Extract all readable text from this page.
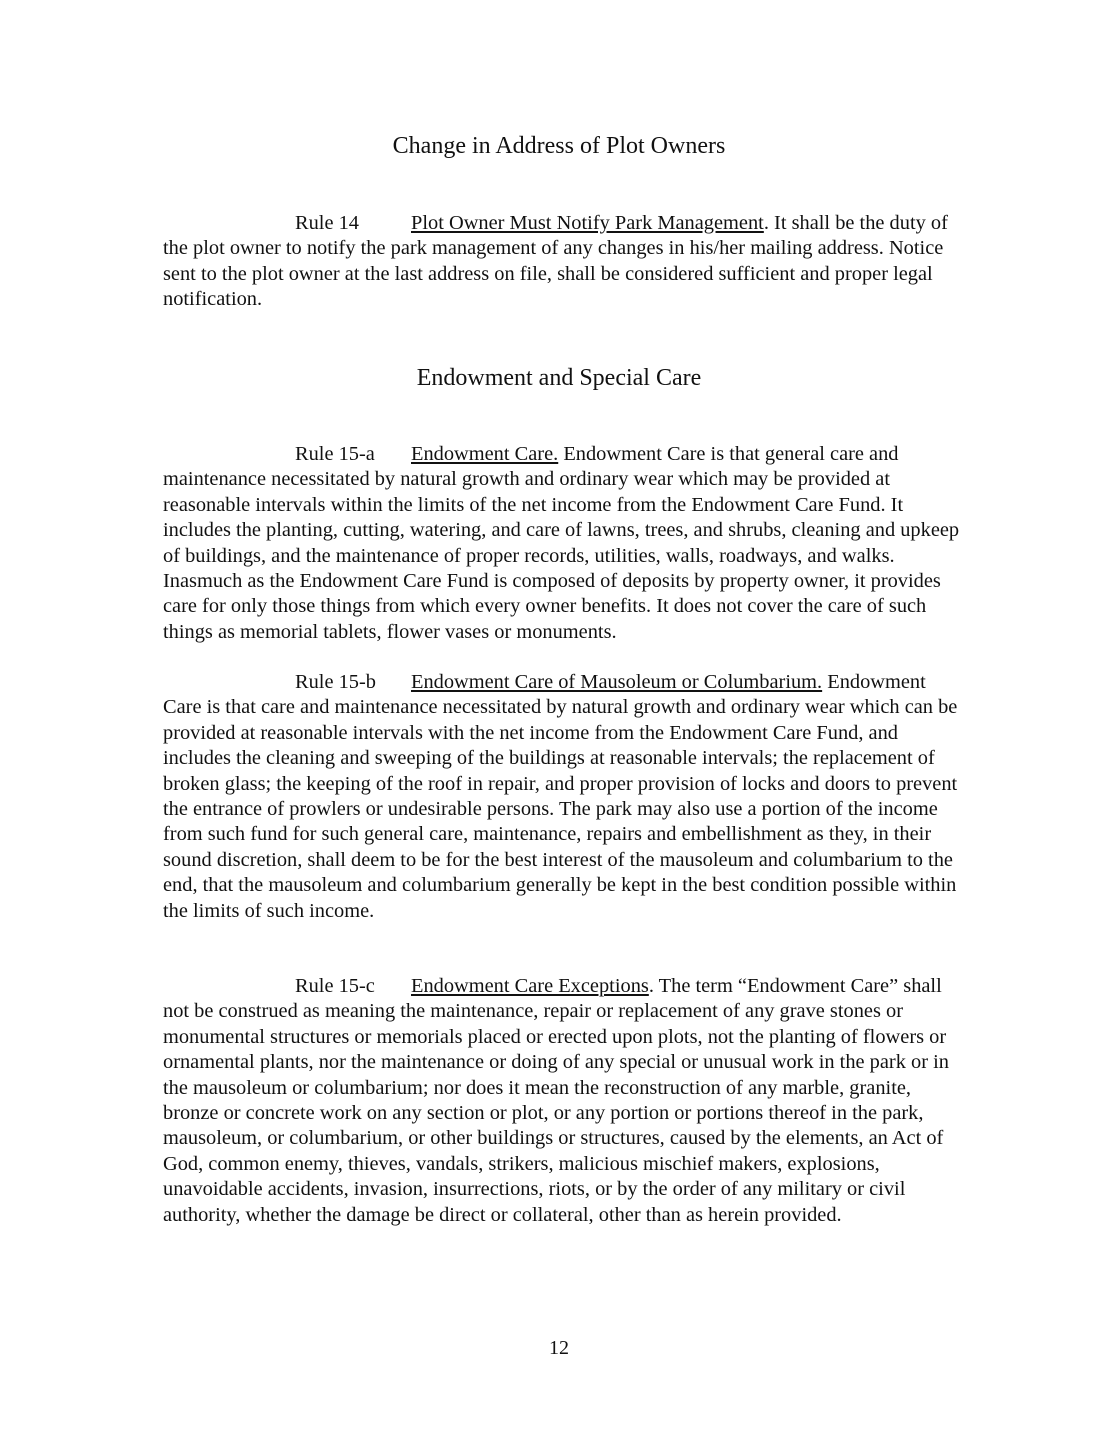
Change in Address of Plot Owners

Rule 14	Plot Owner Must Notify Park Management. It shall be the duty of the plot owner to notify the park management of any changes in his/her mailing address. Notice sent to the plot owner at the last address on file, shall be considered sufficient and proper legal notification.

Endowment and Special Care

Rule 15-a Endowment Care. Endowment Care is that general care and maintenance necessitated by natural growth and ordinary wear which may be provided at reasonable intervals within the limits of the net income from the Endowment Care Fund. It includes the planting, cutting, watering, and care of lawns, trees, and shrubs, cleaning and upkeep of buildings, and the maintenance of proper records, utilities, walls, roadways, and walks. Inasmuch as the Endowment Care Fund is composed of deposits by property owner, it provides care for only those things from which every owner benefits. It does not cover the care of such things as memorial tablets, flower vases or monuments.

Rule 15-b Endowment Care of Mausoleum or Columbarium. Endowment Care is that care and maintenance necessitated by natural growth and ordinary wear which can be provided at reasonable intervals with the net income from the Endowment Care Fund, and includes the cleaning and sweeping of the buildings at reasonable intervals; the replacement of broken glass; the keeping of the roof in repair, and proper provision of locks and doors to prevent the entrance of prowlers or undesirable persons. The park may also use a portion of the income from such fund for such general care, maintenance, repairs and embellishment as they, in their sound discretion, shall deem to be for the best interest of the mausoleum and columbarium to the end, that the mausoleum and columbarium generally be kept in the best condition possible within the limits of such income.

Rule 15-c Endowment Care Exceptions. The term “Endowment Care” shall not be construed as meaning the maintenance, repair or replacement of any grave stones or monumental structures or memorials placed or erected upon plots, not the planting of flowers or ornamental plants, nor the maintenance or doing of any special or unusual work in the park or in the mausoleum or columbarium; nor does it mean the reconstruction of any marble, granite, bronze or concrete work on any section or plot, or any portion or portions thereof in the park, mausoleum, or columbarium, or other buildings or structures, caused by the elements, an Act of God, common enemy, thieves, vandals, strikers, malicious mischief makers, explosions, unavoidable accidents, invasion, insurrections, riots, or by the order of any military or civil authority, whether the damage be direct or collateral, other than as herein provided.

12
